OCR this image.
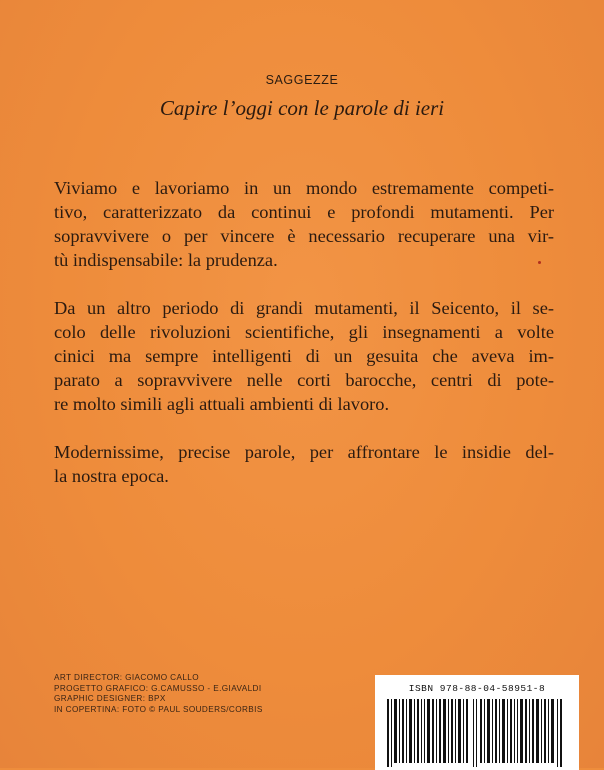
SAGGEZZE
Capire l’oggi con le parole di ieri
Viviamo e lavoriamo in un mondo estremamente competi-
tivo, caratterizzato da continui e profondi mutamenti. Per
sopravvivere o per vincere è necessario recuperare una vir-
tù indispensabile: la prudenza.
Da un altro periodo di grandi mutamenti, il Seicento, il se-
colo delle rivoluzioni scientifiche, gli insegnamenti a volte
cinici ma sempre intelligenti di un gesuita che aveva im-
parato a sopravvivere nelle corti barocche, centri di pote-
re molto simili agli attuali ambienti di lavoro.
Modernissime, precise parole, per affrontare le insidie del-
la nostra epoca.
ART DIRECTOR: GIACOMO CALLO
PROGETTO GRAFICO: G.CAMUSSO - E.GIAVALDI
GRAPHIC DESIGNER: BPX
IN COPERTINA: FOTO © PAUL SOUDERS/CORBIS
ISBN 978-88-04-58951-8
